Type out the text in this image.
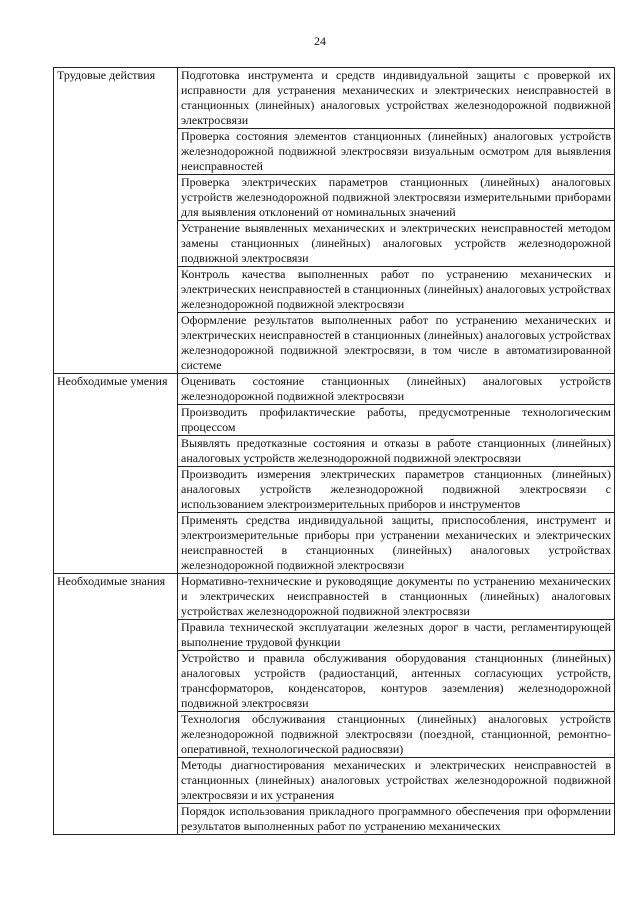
24
Трудовые действия	Подготовка инструмента и средств индивидуальной защиты с проверкой их исправности для устранения механических и электрических неисправностей в станционных (линейных) аналоговых устройствах железнодорожной подвижной электросвязи
	Проверка состояния элементов станционных (линейных) аналоговых устройств железнодорожной подвижной электросвязи визуальным осмотром для выявления неисправностей
	Проверка электрических параметров станционных (линейных) аналоговых устройств железнодорожной подвижной электросвязи измерительными приборами для выявления отклонений от номинальных значений
	Устранение выявленных механических и электрических неисправностей методом замены станционных (линейных) аналоговых устройств железнодорожной подвижной электросвязи
	Контроль качества выполненных работ по устранению механических и электрических неисправностей в станционных (линейных) аналоговых устройствах железнодорожной подвижной электросвязи
	Оформление результатов выполненных работ по устранению механических и электрических неисправностей в станционных (линейных) аналоговых устройствах железнодорожной подвижной электросвязи, в том числе в автоматизированной системе
Необходимые умения	Оценивать состояние станционных (линейных) аналоговых устройств железнодорожной подвижной электросвязи
	Производить профилактические работы, предусмотренные технологическим процессом
	Выявлять предотказные состояния и отказы в работе станционных (линейных) аналоговых устройств железнодорожной подвижной электросвязи
	Производить измерения электрических параметров станционных (линейных) аналоговых устройств железнодорожной подвижной электросвязи с использованием электроизмерительных приборов и инструментов
	Применять средства индивидуальной защиты, приспособления, инструмент и электроизмерительные приборы при устранении механических и электрических неисправностей в станционных (линейных) аналоговых устройствах железнодорожной подвижной электросвязи
Необходимые знания	Нормативно-технические и руководящие документы по устранению механических и электрических неисправностей в станционных (линейных) аналоговых устройствах железнодорожной подвижной электросвязи
	Правила технической эксплуатации железных дорог в части, регламентирующей выполнение трудовой функции
	Устройство и правила обслуживания оборудования станционных (линейных) аналоговых устройств (радиостанций, антенных согласующих устройств, трансформаторов, конденсаторов, контуров заземления) железнодорожной подвижной электросвязи
	Технология обслуживания станционных (линейных) аналоговых устройств железнодорожной подвижной электросвязи (поездной, станционной, ремонтно-оперативной, технологической радиосвязи)
	Методы диагностирования механических и электрических неисправностей в станционных (линейных) аналоговых устройствах железнодорожной подвижной электросвязи и их устранения
	Порядок использования прикладного программного обеспечения при оформлении результатов выполненных работ по устранению механических
